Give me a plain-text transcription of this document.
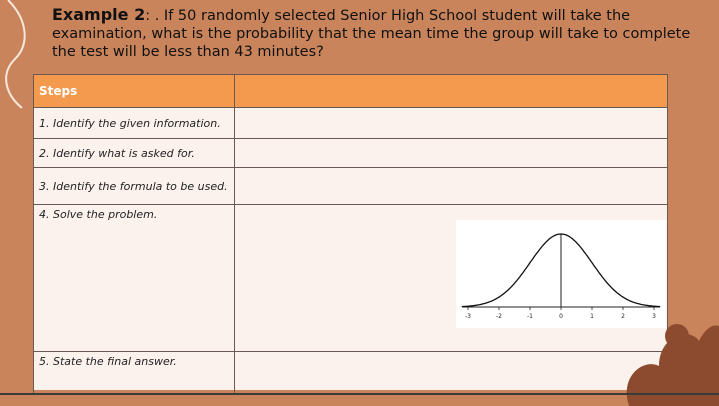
Example 2: . If 50 randomly selected Senior High School student will take the examination, what is the probability that the mean time the group will take to complete the test will be less than 43 minutes?
Steps	
1. Identify the given information.	
2. Identify what is asked for.	
3. Identify the formula to be used.	
4. Solve the problem.	
5. State the final answer.	
-3	-2	-1	0	1	2	3
